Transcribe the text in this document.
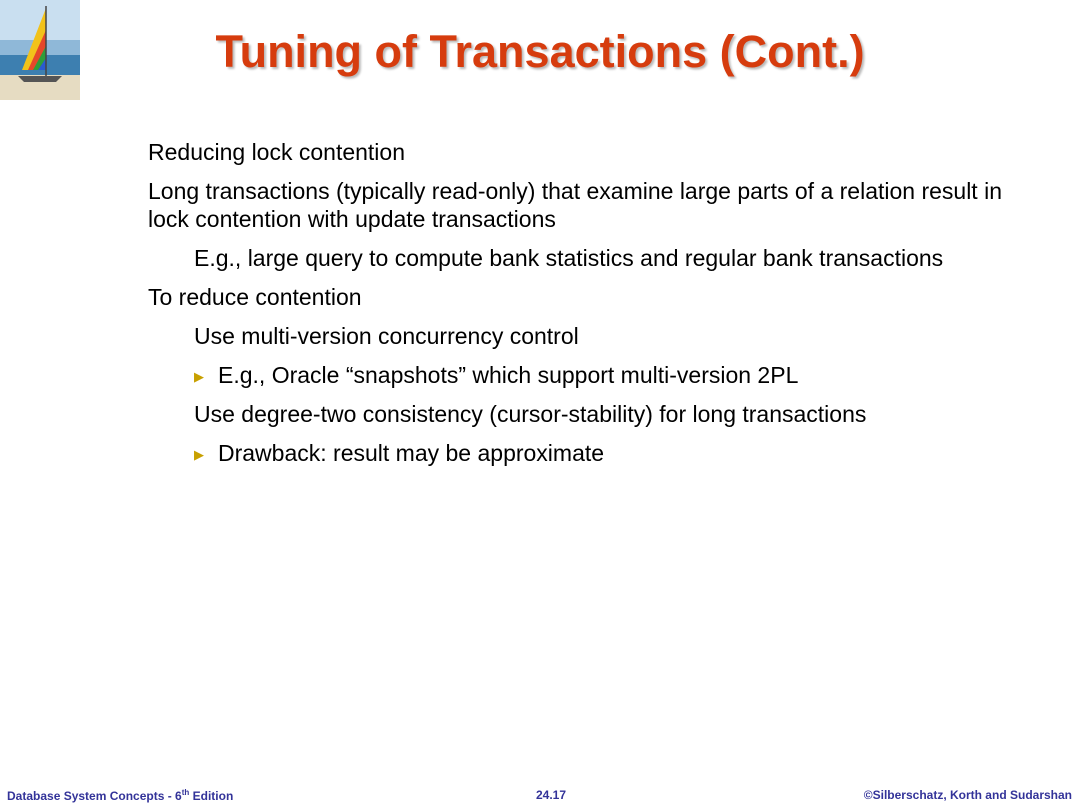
Tuning of Transactions (Cont.)
Reducing lock contention
Long transactions (typically read-only) that examine large parts of a relation result in lock contention with update transactions
E.g., large query to compute bank statistics and regular bank transactions
To reduce contention
Use multi-version concurrency control
▶ E.g., Oracle “snapshots” which support multi-version 2PL
Use degree-two consistency (cursor-stability) for long transactions
▶ Drawback: result may be approximate
Database System Concepts - 6th Edition	24.17	©Silberschatz, Korth and Sudarshan
